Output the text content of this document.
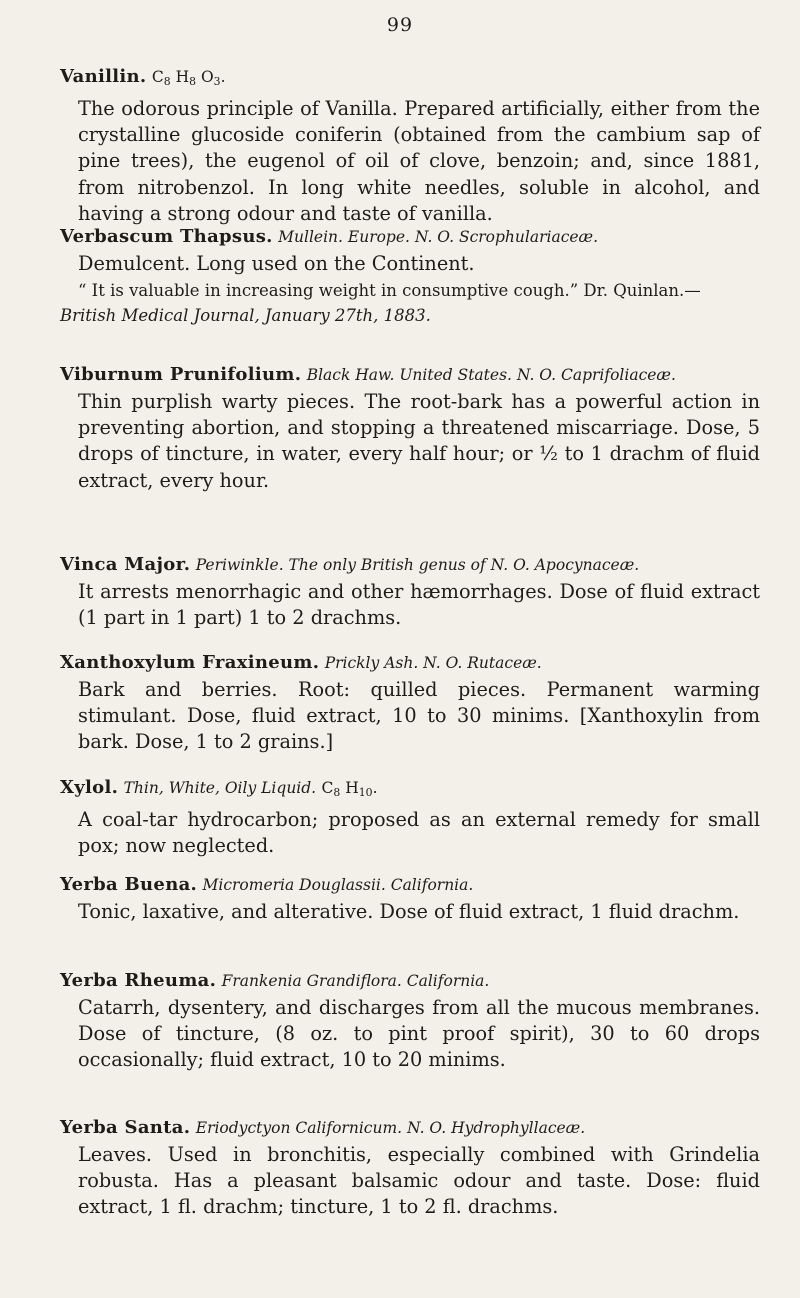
99

Vanillin. $C_8$ $H_8$ $O_3$.

The odorous principle of Vanilla. Prepared artificially, either from the crystalline glucoside coniferin (obtained from the cambium sap of pine trees), the eugenol of oil of clove, benzoin; and, since 1881, from nitrobenzol. In long white needles, soluble in alcohol, and having a strong odour and taste of vanilla.

Verbascum Thapsus. Mullein. Europe. N. O. Scrophulariaceæ.

Demulcent. Long used on the Continent.

“ It is valuable in increasing weight in consumptive cough.” Dr. Quinlan.—

British Medical Journal, January 27th, 1883.

Viburnum Prunifolium. Black Haw. United States. N. O. Caprifoliaceæ.

Thin purplish warty pieces. The root-bark has a powerful action in preventing abortion, and stopping a threatened miscarriage. Dose, 5 drops of tincture, in water, every half hour; or ½ to 1 drachm of fluid extract, every hour.

Vinca Major. Periwinkle. The only British genus of N. O. Apocynaceæ.

It arrests menorrhagic and other hæmorrhages. Dose of fluid extract (1 part in 1 part) 1 to 2 drachms.

Xanthoxylum Fraxineum. Prickly Ash. N. O. Rutaceæ.

Bark and berries. Root: quilled pieces. Permanent warming stimulant. Dose, fluid extract, 10 to 30 minims. [Xanthoxylin from bark. Dose, 1 to 2 grains.]

Xylol. Thin, White, Oily Liquid. $C_8$ $H_{10}$.

A coal-tar hydrocarbon; proposed as an external remedy for small pox; now neglected.

Yerba Buena. Micromeria Douglassii. California.

Tonic, laxative, and alterative. Dose of fluid extract, 1 fluid drachm.

Yerba Rheuma. Frankenia Grandiflora. California.

Catarrh, dysentery, and discharges from all the mucous membranes. Dose of tincture, (8 oz. to pint proof spirit), 30 to 60 drops occasionally; fluid extract, 10 to 20 minims.

Yerba Santa. Eriodyctyon Californicum. N. O. Hydrophyllaceæ.

Leaves. Used in bronchitis, especially combined with Grindelia robusta. Has a pleasant balsamic odour and taste. Dose: fluid extract, 1 fl. drachm; tincture, 1 to 2 fl. drachms.
